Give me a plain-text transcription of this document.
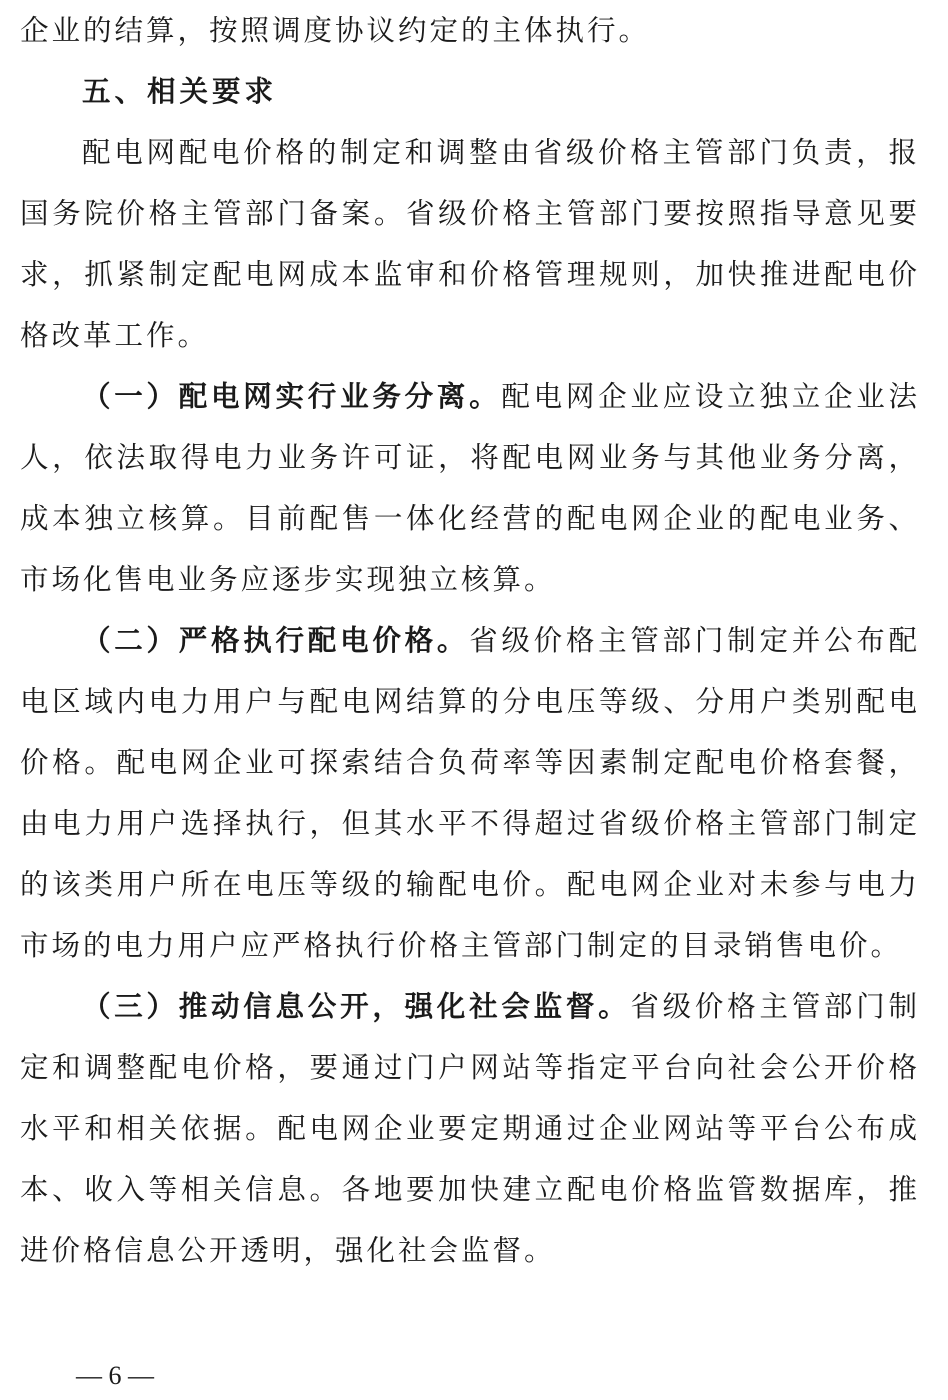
企业的结算，按照调度协议约定的主体执行。

五、相关要求

配电网配电价格的制定和调整由省级价格主管部门负责，报国务院价格主管部门备案。省级价格主管部门要按照指导意见要求，抓紧制定配电网成本监审和价格管理规则，加快推进配电价格改革工作。

（一）配电网实行业务分离。配电网企业应设立独立企业法人，依法取得电力业务许可证，将配电网业务与其他业务分离，成本独立核算。目前配售一体化经营的配电网企业的配电业务、市场化售电业务应逐步实现独立核算。

（二）严格执行配电价格。省级价格主管部门制定并公布配电区域内电力用户与配电网结算的分电压等级、分用户类别配电价格。配电网企业可探索结合负荷率等因素制定配电价格套餐，由电力用户选择执行，但其水平不得超过省级价格主管部门制定的该类用户所在电压等级的输配电价。配电网企业对未参与电力市场的电力用户应严格执行价格主管部门制定的目录销售电价。

（三）推动信息公开，强化社会监督。省级价格主管部门制定和调整配电价格，要通过门户网站等指定平台向社会公开价格水平和相关依据。配电网企业要定期通过企业网站等平台公布成本、收入等相关信息。各地要加快建立配电价格监管数据库，推进价格信息公开透明，强化社会监督。

— 6 —
